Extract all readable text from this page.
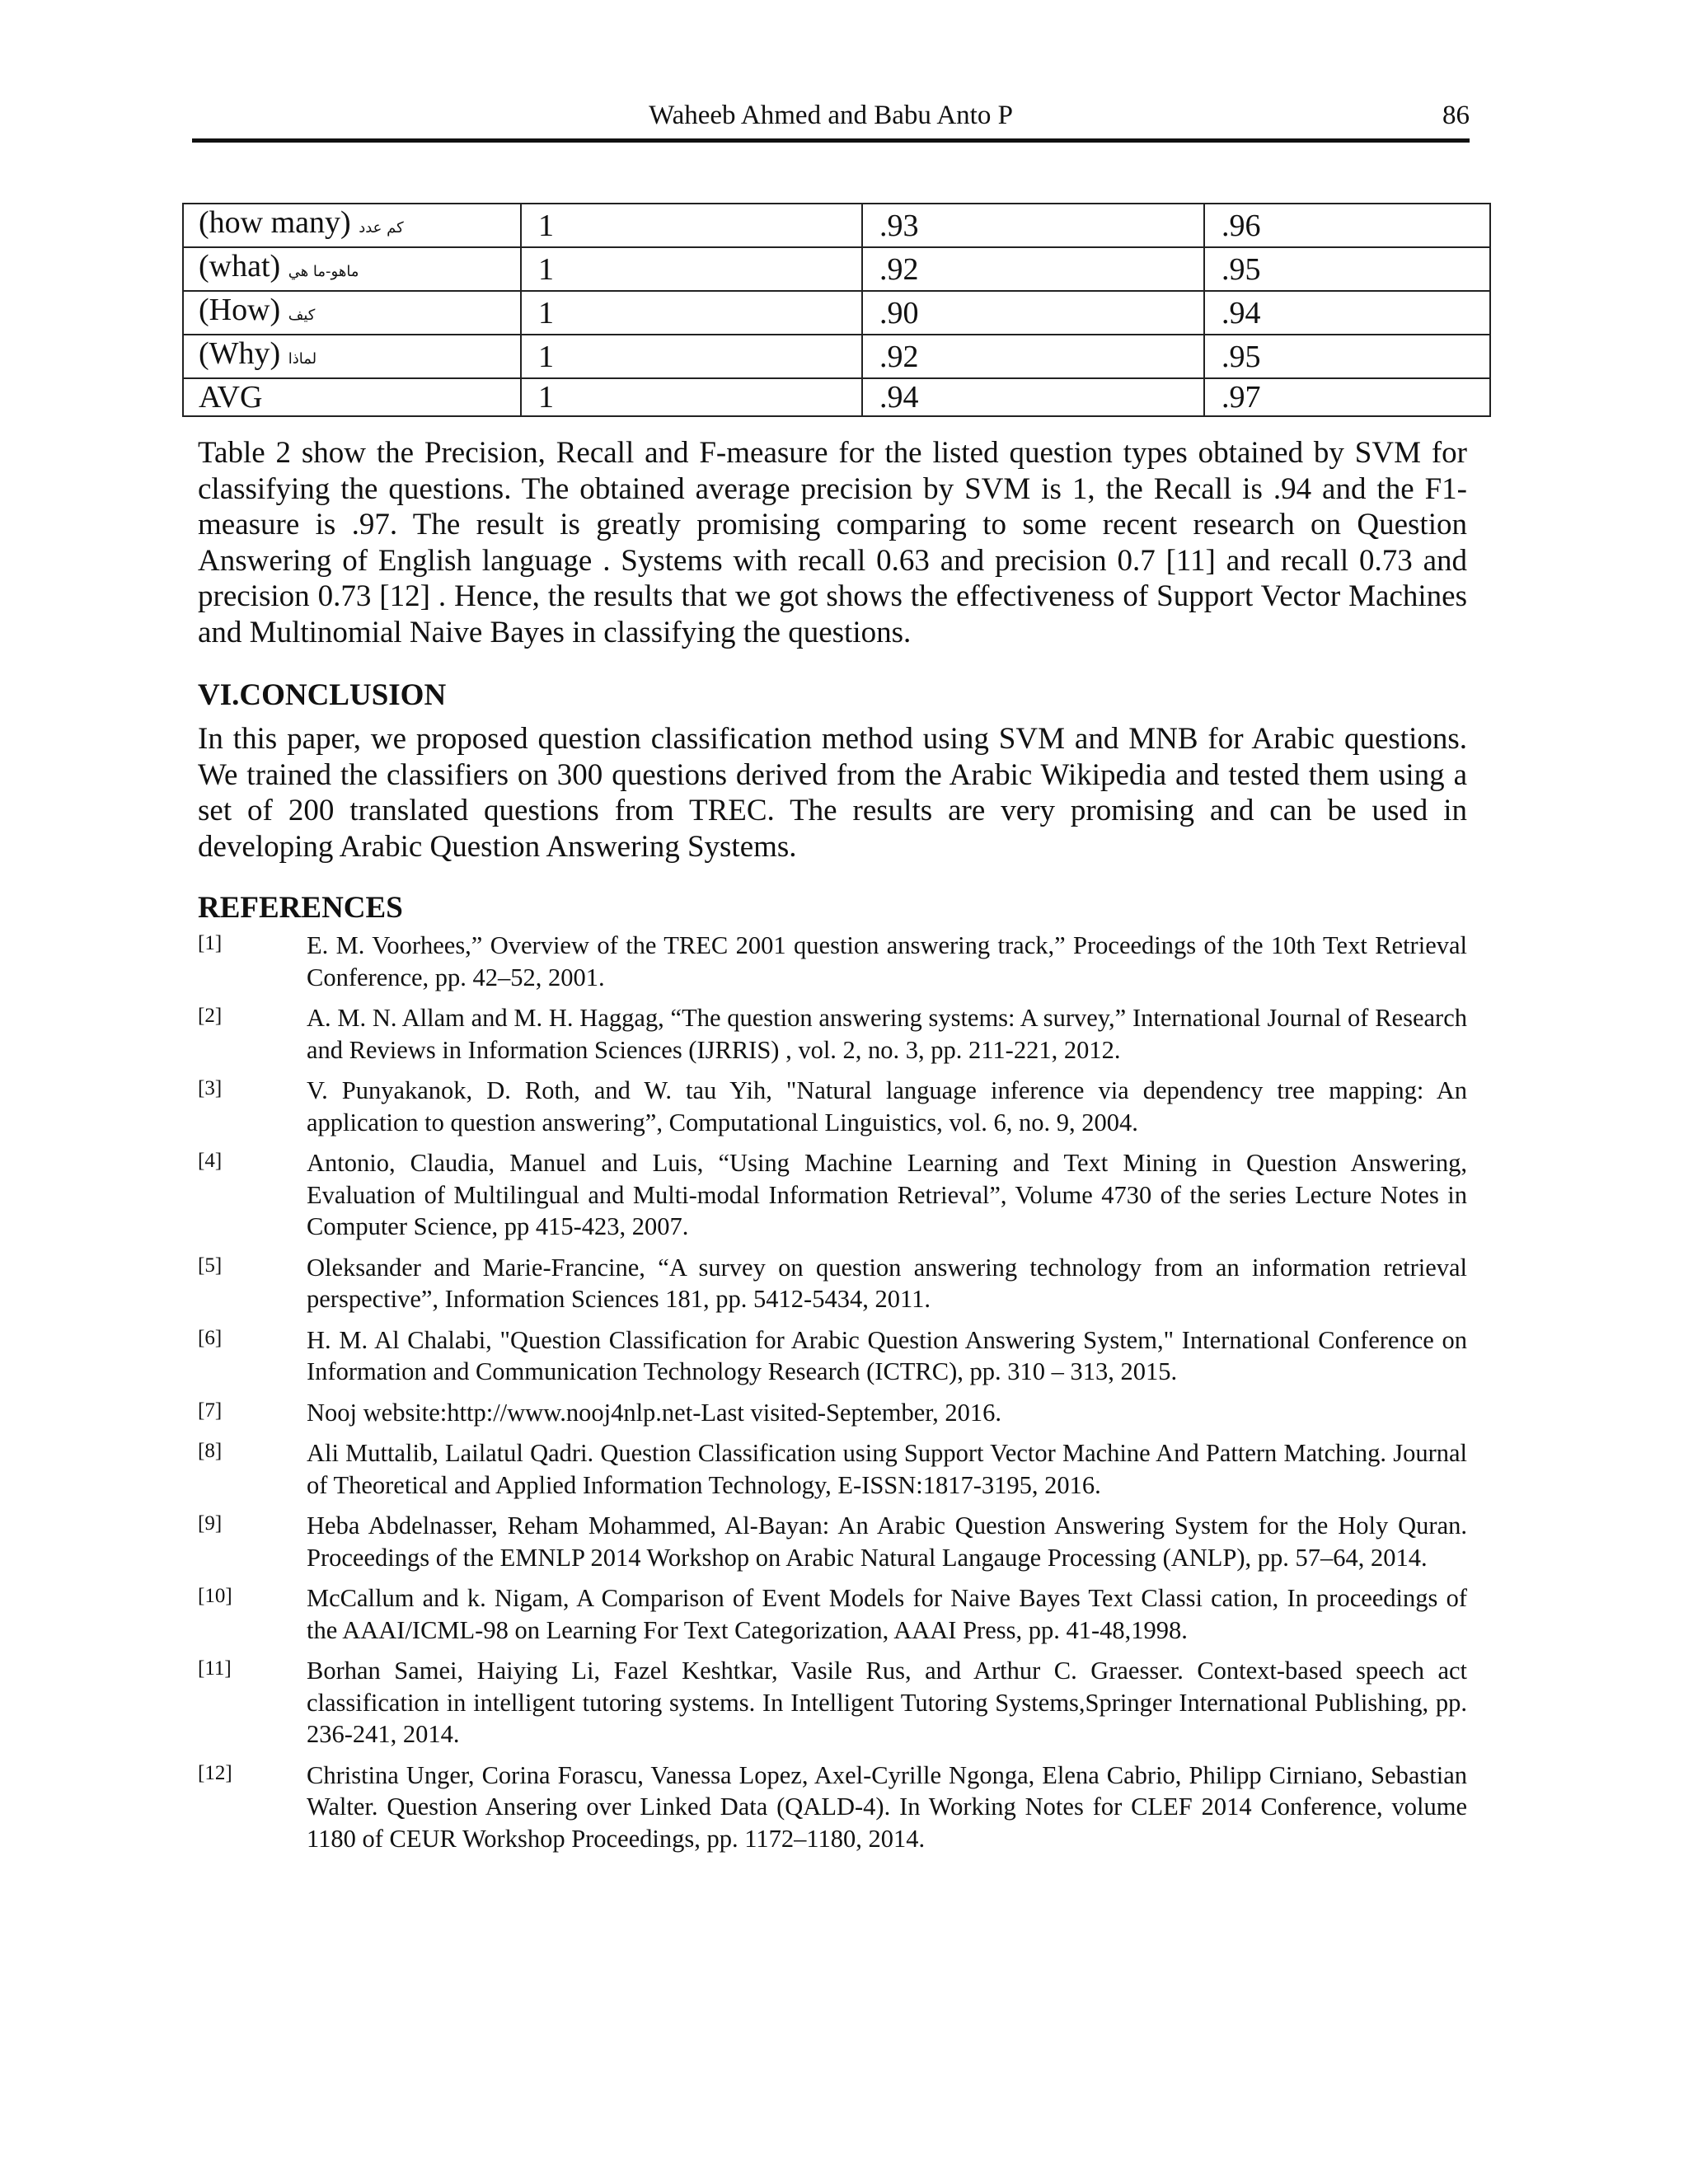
Waheeb Ahmed and Babu Anto P	86
(how many) كم عدد	1	.93	.96
(what) ماهو-ما هي	1	.92	.95
(How) كيف	1	.90	.94
(Why) لماذا	1	.92	.95
AVG	1	.94	.97
Table 2 show the Precision, Recall and F-measure for the listed question types obtained by SVM for classifying the questions. The obtained average precision by SVM is 1, the Recall is .94 and the F1-measure is .97. The result is greatly promising comparing to some recent research on Question Answering of English language . Systems with recall 0.63 and precision 0.7 [11] and recall 0.73 and precision 0.73 [12] . Hence, the results that we got shows the effectiveness of Support Vector Machines and Multinomial Naive Bayes in classifying the questions.
VI.CONCLUSION
In this paper, we proposed question classification method using SVM and MNB for Arabic questions. We trained the classifiers on 300 questions derived from the Arabic Wikipedia and tested them using a set of 200 translated questions from TREC. The results are very promising and can be used in developing Arabic Question Answering Systems.
REFERENCES
[1]	E. M. Voorhees,” Overview of the TREC 2001 question answering track,” Proceedings of the 10th Text Retrieval Conference, pp. 42–52, 2001.
[2]	A. M. N. Allam and M. H. Haggag, “The question answering systems: A survey,” International Journal of Research and Reviews in Information Sciences (IJRRIS) , vol. 2, no. 3, pp. 211-221, 2012.
[3]	V. Punyakanok, D. Roth, and W. tau Yih, "Natural language inference via dependency tree mapping: An application to question answering”, Computational Linguistics, vol. 6, no. 9, 2004.
[4]	Antonio, Claudia, Manuel and Luis, “Using Machine Learning and Text Mining in Question Answering, Evaluation of Multilingual and Multi-modal Information Retrieval”, Volume 4730 of the series Lecture Notes in Computer Science, pp 415-423, 2007.
[5]	Oleksander and Marie-Francine, “A survey on question answering technology from an information retrieval perspective”, Information Sciences 181, pp. 5412-5434, 2011.
[6]	H. M. Al Chalabi, "Question Classification for Arabic Question Answering System," International Conference on Information and Communication Technology Research (ICTRC), pp. 310 – 313, 2015.
[7]	Nooj website:http://www.nooj4nlp.net-Last visited-September, 2016.
[8]	Ali Muttalib, Lailatul Qadri. Question Classification using Support Vector Machine And Pattern Matching. Journal of Theoretical and Applied Information Technology, E-ISSN:1817-3195, 2016.
[9]	Heba Abdelnasser, Reham Mohammed, Al-Bayan: An Arabic Question Answering System for the Holy Quran. Proceedings of the EMNLP 2014 Workshop on Arabic Natural Langauge Processing (ANLP), pp. 57–64, 2014.
[10]	McCallum and k. Nigam, A Comparison of Event Models for Naive Bayes Text Classi cation, In proceedings of the AAAI/ICML-98 on Learning For Text Categorization, AAAI Press, pp. 41-48,1998.
[11]	Borhan Samei, Haiying Li, Fazel Keshtkar, Vasile Rus, and Arthur C. Graesser. Context-based speech act classification in intelligent tutoring systems. In Intelligent Tutoring Systems,Springer International Publishing, pp. 236-241, 2014.
[12]	Christina Unger, Corina Forascu, Vanessa Lopez, Axel-Cyrille Ngonga, Elena Cabrio, Philipp Cirniano, Sebastian Walter. Question Ansering over Linked Data (QALD-4). In Working Notes for CLEF 2014 Conference, volume 1180 of CEUR Workshop Proceedings, pp. 1172–1180, 2014.
